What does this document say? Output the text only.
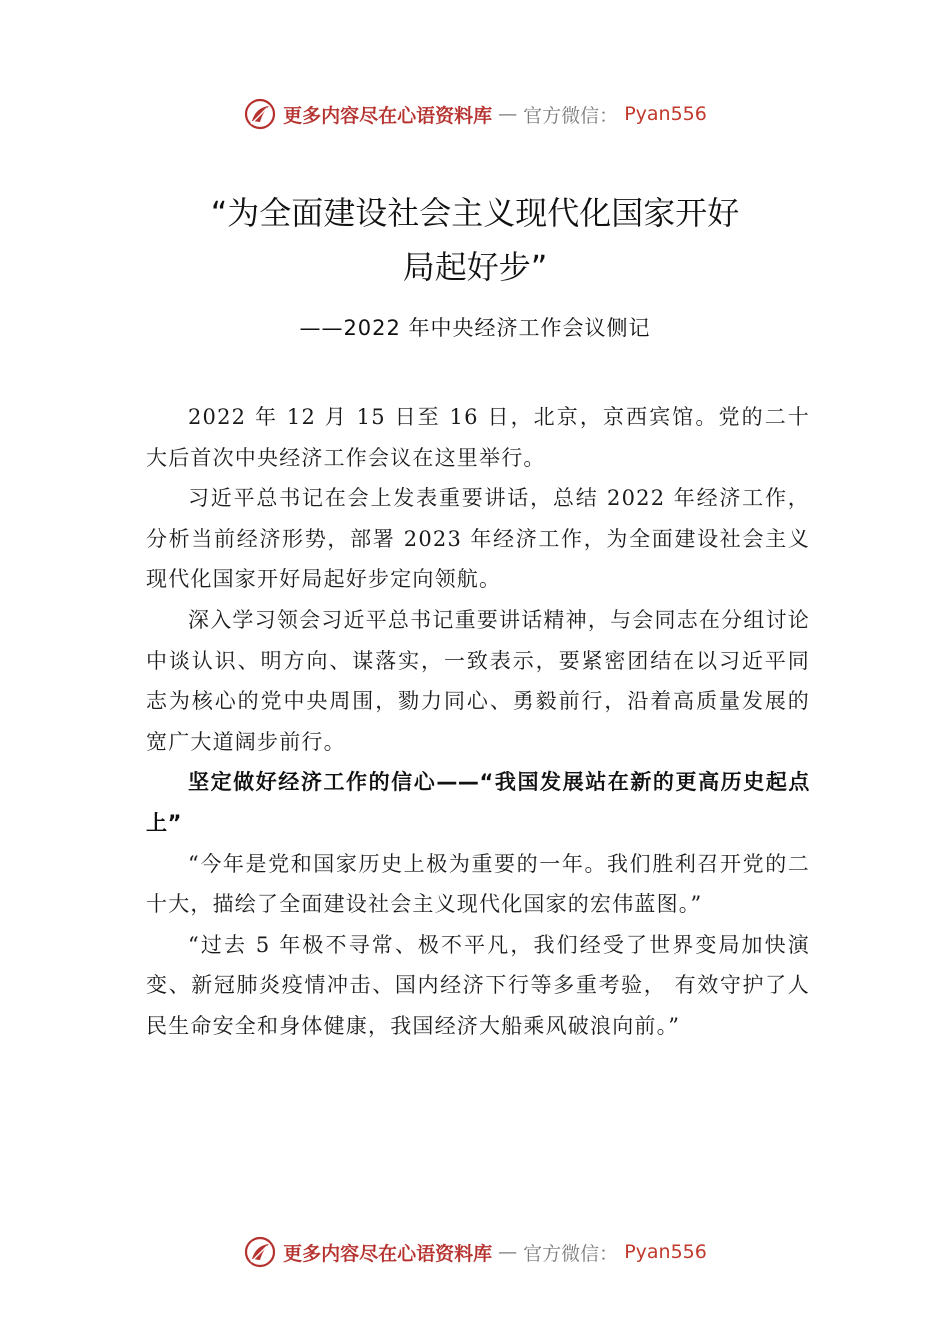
更多内容尽在心语资料库 — 官方微信： Pyan556
“为全面建设社会主义现代化国家开好
局起好步”
——2022 年中央经济工作会议侧记

2022 年 12 月 15 日至 16 日，北京，京西宾馆。党的二十大后首次中央经济工作会议在这里举行。

习近平总书记在会上发表重要讲话，总结 2022 年经济工作，分析当前经济形势，部署 2023 年经济工作，为全面建设社会主义现代化国家开好局起好步定向领航。

深入学习领会习近平总书记重要讲话精神，与会同志在分组讨论中谈认识、明方向、谋落实，一致表示，要紧密团结在以习近平同志为核心的党中央周围，勠力同心、勇毅前行，沿着高质量发展的宽广大道阔步前行。

坚定做好经济工作的信心——“我国发展站在新的更高历史起点上”

“今年是党和国家历史上极为重要的一年。我们胜利召开党的二十大，描绘了全面建设社会主义现代化国家的宏伟蓝图。”

“过去 5 年极不寻常、极不平凡，我们经受了世界变局加快演变、新冠肺炎疫情冲击、国内经济下行等多重考验， 有效守护了人民生命安全和身体健康，我国经济大船乘风破浪向前。”

更多内容尽在心语资料库 — 官方微信： Pyan556
